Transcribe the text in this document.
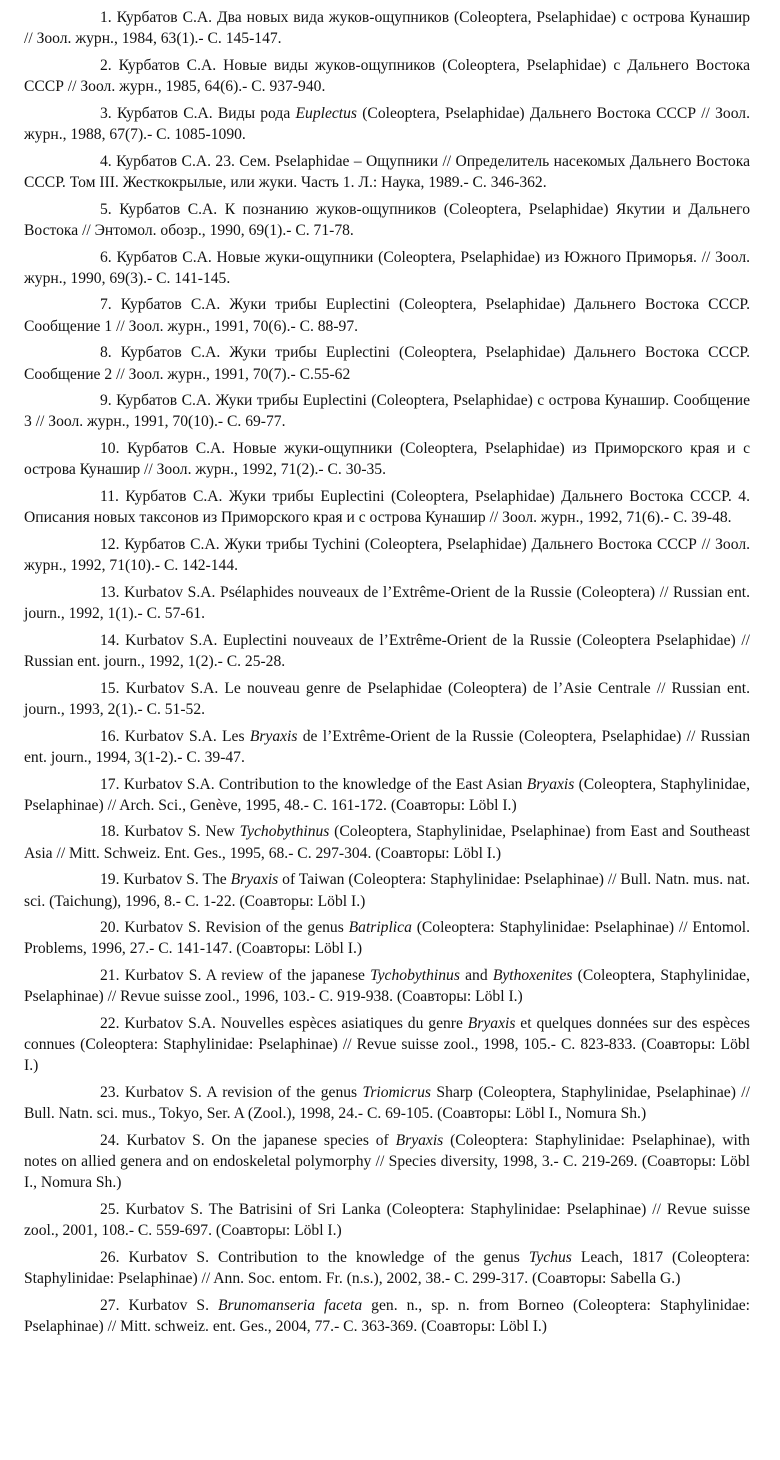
1. Курбатов С.А. Два новых вида жуков-ощупников (Coleoptera, Pselaphidae) с острова Кунашир // Зоол. журн., 1984, 63(1).- С. 145-147.

2. Курбатов С.А. Новые виды жуков-ощупников (Coleoptera, Pselaphidae) с Дальнего Востока СССР // Зоол. журн., 1985, 64(6).- С. 937-940.

3. Курбатов С.А. Виды рода Euplectus (Coleoptera, Pselaphidae) Дальнего Востока СССР // Зоол. журн., 1988, 67(7).- С. 1085-1090.

4. Курбатов С.А. 23. Сем. Pselaphidae – Ощупники // Определитель насекомых Дальнего Востока СССР. Том III. Жесткокрылые, или жуки. Часть 1. Л.: Наука, 1989.- С. 346-362.

5. Курбатов С.А. К познанию жуков-ощупников (Coleoptera, Pselaphidae) Якутии и Дальнего Востока // Энтомол. обозр., 1990, 69(1).- С. 71-78.

6. Курбатов С.А. Новые жуки-ощупники (Coleoptera, Pselaphidae) из Южного Приморья. // Зоол. журн., 1990, 69(3).- С. 141-145.

7. Курбатов С.А. Жуки трибы Euplectini (Coleoptera, Pselaphidae) Дальнего Востока СССР. Сообщение 1 // Зоол. журн., 1991, 70(6).- С. 88-97.

8. Курбатов С.А. Жуки трибы Euplectini (Coleoptera, Pselaphidae) Дальнего Востока СССР. Сообщение 2 // Зоол. журн., 1991, 70(7).- С.55-62

9. Курбатов С.А. Жуки трибы Euplectini (Coleoptera, Pselaphidae) с острова Кунашир. Сообщение 3 // Зоол. журн., 1991, 70(10).- С. 69-77.

10. Курбатов С.А. Новые жуки-ощупники (Coleoptera, Pselaphidae) из Приморского края и с острова Кунашир // Зоол. журн., 1992, 71(2).- С. 30-35.

11. Курбатов С.А. Жуки трибы Euplectini (Coleoptera, Pselaphidae) Дальнего Востока СССР. 4. Описания новых таксонов из Приморского края и с острова Кунашир // Зоол. журн., 1992, 71(6).- С. 39-48.

12. Курбатов С.А. Жуки трибы Tychini (Coleoptera, Pselaphidae) Дальнего Востока СССР // Зоол. журн., 1992, 71(10).- С. 142-144.

13. Kurbatov S.A. Psélaphides nouveaux de l’Extrême-Orient de la Russie (Coleoptera) // Russian ent. journ., 1992, 1(1).- С. 57-61.

14. Kurbatov S.A. Euplectini nouveaux de l’Extrême-Orient de la Russie (Coleoptera Pselaphidae) // Russian ent. journ., 1992, 1(2).- С. 25-28.

15. Kurbatov S.A. Le nouveau genre de Pselaphidae (Coleoptera) de l’Asie Centrale // Russian ent. journ., 1993, 2(1).- С. 51-52.

16. Kurbatov S.A. Les Bryaxis de l’Extrême-Orient de la Russie (Coleoptera, Pselaphidae) // Russian ent. journ., 1994, 3(1-2).- С. 39-47.

17. Kurbatov S.A. Contribution to the knowledge of the East Asian Bryaxis (Coleoptera, Staphylinidae, Pselaphinae) // Arch. Sci., Genève, 1995, 48.- С. 161-172. (Соавторы: Löbl I.)

18. Kurbatov S. New Tychobythinus (Coleoptera, Staphylinidae, Pselaphinae) from East and Southeast Asia // Mitt. Schweiz. Ent. Ges., 1995, 68.- С. 297-304. (Соавторы: Löbl I.)

19. Kurbatov S. The Bryaxis of Taiwan (Coleoptera: Staphylinidae: Pselaphinae) // Bull. Natn. mus. nat. sci. (Taichung), 1996, 8.- С. 1-22. (Соавторы: Löbl I.)

20. Kurbatov S. Revision of the genus Batriplica (Coleoptera: Staphylinidae: Pselaphinae) // Entomol. Problems, 1996, 27.- С. 141-147. (Соавторы: Löbl I.)

21. Kurbatov S. A review of the japanese Tychobythinus and Bythoxenites (Coleoptera, Staphylinidae, Pselaphinae) // Revue suisse zool., 1996, 103.- С. 919-938. (Соавторы: Löbl I.)

22. Kurbatov S.A. Nouvelles espèces asiatiques du genre Bryaxis et quelques données sur des espèces connues (Coleoptera: Staphylinidae: Pselaphinae) // Revue suisse zool., 1998, 105.- С. 823-833. (Соавторы: Löbl I.)

23. Kurbatov S. A revision of the genus Triomicrus Sharp (Coleoptera, Staphylinidae, Pselaphinae) // Bull. Natn. sci. mus., Tokyo, Ser. A (Zool.), 1998, 24.- С. 69-105. (Соавторы: Löbl I., Nomura Sh.)

24. Kurbatov S. On the japanese species of Bryaxis (Coleoptera: Staphylinidae: Pselaphinae), with notes on allied genera and on endoskeletal polymorphy // Species diversity, 1998, 3.- С. 219-269. (Соавторы: Löbl I., Nomura Sh.)

25. Kurbatov S. The Batrisini of Sri Lanka (Coleoptera: Staphylinidae: Pselaphinae) // Revue suisse zool., 2001, 108.- С. 559-697. (Соавторы: Löbl I.)

26. Kurbatov S. Contribution to the knowledge of the genus Tychus Leach, 1817 (Coleoptera: Staphylinidae: Pselaphinae) // Ann. Soc. entom. Fr. (n.s.), 2002, 38.- С. 299-317. (Соавторы: Sabella G.)

27. Kurbatov S. Brunomanseria faceta gen. n., sp. n. from Borneo (Coleoptera: Staphylinidae: Pselaphinae) // Mitt. schweiz. ent. Ges., 2004, 77.- С. 363-369. (Соавторы: Löbl I.)
